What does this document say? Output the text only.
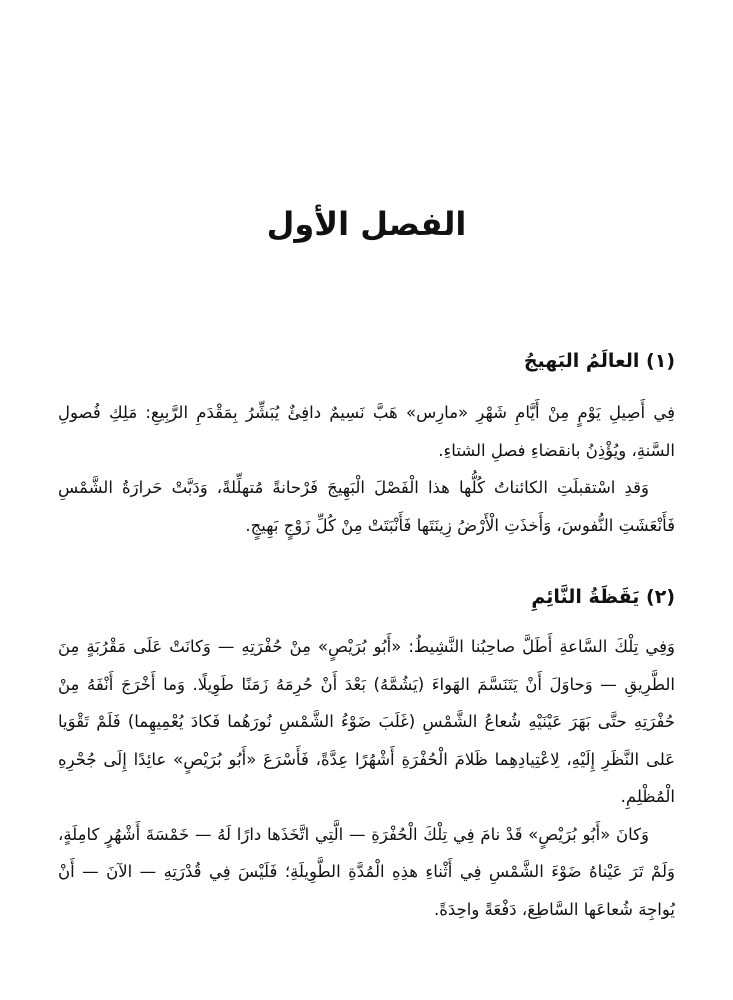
الفصل الأول
(١) العالَمُ البَهيجُ

فِي أَصِيلِ يَوْمٍ مِنْ أَيَّامِ شَهْرِ «مارِس» هَبَّ نَسِيمٌ دافِئٌ يُبَشِّرُ بِمَقْدَمِ الرَّبِيعِ: مَلِكِ فُصولِ السَّنةِ، ويُؤْذِنُ بانقضاءِ فصلِ الشتاءِ.

وَقدِ اسْتقبلَتِ الكائناتُ كُلُّها هذا الْفَصْلَ الْبَهِيجَ فَرْحانةً مُتهلِّلةً، وَدَبَّتْ حَرارَةُ الشَّمْسِ فَأَنْعَشَتِ النُّفوسَ، وَأَخذَتِ الْأَرْضُ زِينَتَها فَأَنْبَتَتْ مِنْ كُلِّ زَوْجٍ بَهِيجٍ.

(٢) يَقَظَةُ النَّائِمِ

وَفِي تِلْكَ السَّاعةِ أَطَلَّ صاحِبُنا النَّشِيطُ: «أَبُو بُرَيْصٍ» مِنْ حُفْرَتِهِ — وَكانَتْ عَلَى مَقْرُبَةٍ مِنَ الطَّرِيقِ — وَحاوَلَ أَنْ يَتَنَسَّمَ الهَواءَ (يَشُمَّهُ) بَعْدَ أَنْ حُرِمَهُ زَمَنًا طَوِيلًا. وَما أَخْرَجَ أَنْفَهُ مِنْ حُفْرَتِهِ حتَّى بَهَرَ عَيْنَيْهِ شُعاعُ الشَّمْسِ (غَلَبَ ضَوْءُ الشَّمْسِ نُورَهُما فَكادَ يُعْمِيهِما) فَلَمْ تَقْوَيا عَلى النَّظَرِ إِلَيْهِ، لِاعْتِيادِهِما ظَلامَ الْحُفْرَةِ أَشْهُرًا عِدَّةً، فَأَسْرَعَ «أَبُو بُرَيْصٍ» عائِدًا إِلَى جُحْرِهِ الْمُظْلِمِ.

وَكانَ «أَبُو بُرَيْصٍ» قَدْ نامَ فِي تِلْكَ الْحُفْرَةِ — الَّتِي اتَّخَذَها دارًا لَهُ — خَمْسَةَ أَشْهُرٍ كامِلَةٍ، وَلَمْ تَرَ عَيْناهُ ضَوْءَ الشَّمْسِ فِي أَثْناءِ هذِهِ الْمُدَّةِ الطَّوِيلَةِ؛ فَلَيْسَ فِي قُدْرَتِهِ — الآنَ — أَنْ يُواجِهَ شُعاعَها السَّاطِعَ، دَفْعَةً واحِدَةً.
